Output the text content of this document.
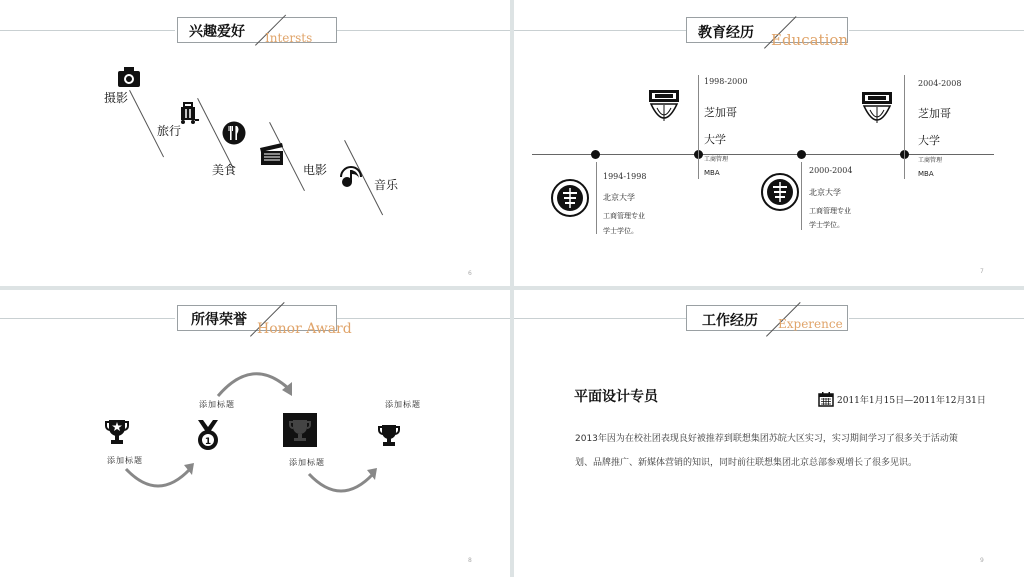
兴趣爱好 Intersts
摄影
旅行
美食	电影
音乐
6
教育经历 Education
1994-1998
北京大学
工商管理专业
学士学位。
1998-2000
芝加哥
大学
工商管理
MBA	2000-2004
北京大学
工商管理专业
学士学位。
2004-2008
芝加哥
大学
工商管理
MBA
7
所得荣誉
Honor Award
添加标题
1
添加标题
添加标题	添加标题
8
工作经历 Experence
平面设计专员	2011年1月15日—2011年12月31日
2013年因为在校社团表现良好被推荐到联想集团苏皖大区实习，实习期间学习了很多关于活动策
划、品牌推广、新媒体营销的知识，同时前往联想集团北京总部参观增长了很多见识。
9
